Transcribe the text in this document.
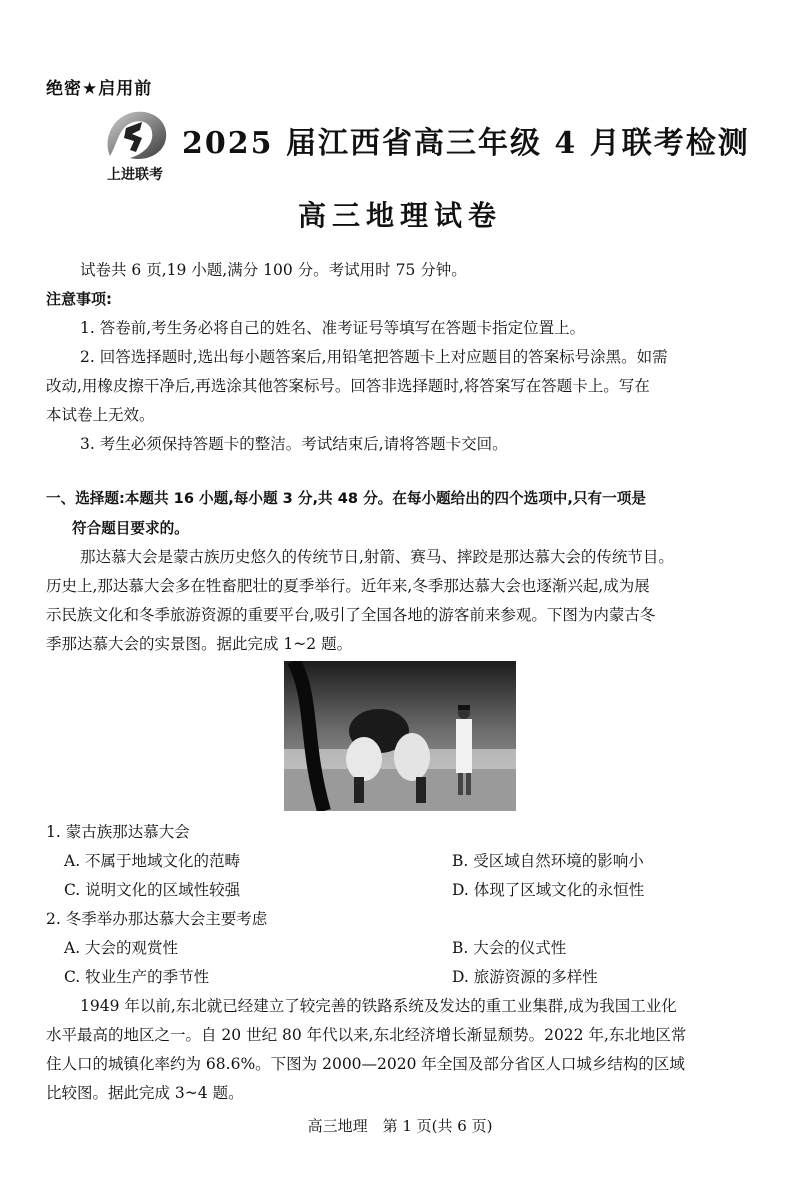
绝密★启用前
上进联考
2025 届江西省高三年级 4 月联考检测
高三地理试卷
试卷共 6 页,19 小题,满分 100 分。考试用时 75 分钟。
注意事项:
1. 答卷前,考生务必将自己的姓名、准考证号等填写在答题卡指定位置上。
2. 回答选择题时,选出每小题答案后,用铅笔把答题卡上对应题目的答案标号涂黑。如需
改动,用橡皮擦干净后,再选涂其他答案标号。回答非选择题时,将答案写在答题卡上。写在
本试卷上无效。
3. 考生必须保持答题卡的整洁。考试结束后,请将答题卡交回。
一、选择题:本题共 16 小题,每小题 3 分,共 48 分。在每小题给出的四个选项中,只有一项是
符合题目要求的。
那达慕大会是蒙古族历史悠久的传统节日,射箭、赛马、摔跤是那达慕大会的传统节目。
历史上,那达慕大会多在牲畜肥壮的夏季举行。近年来,冬季那达慕大会也逐渐兴起,成为展
示民族文化和冬季旅游资源的重要平台,吸引了全国各地的游客前来参观。下图为内蒙古冬
季那达慕大会的实景图。据此完成 1~2 题。
1. 蒙古族那达慕大会
A. 不属于地域文化的范畴	B. 受区域自然环境的影响小
C. 说明文化的区域性较强	D. 体现了区域文化的永恒性
2. 冬季举办那达慕大会主要考虑
A. 大会的观赏性	B. 大会的仪式性
C. 牧业生产的季节性	D. 旅游资源的多样性
1949 年以前,东北就已经建立了较完善的铁路系统及发达的重工业集群,成为我国工业化
水平最高的地区之一。自 20 世纪 80 年代以来,东北经济增长渐显颓势。2022 年,东北地区常
住人口的城镇化率约为 68.6%。下图为 2000—2020 年全国及部分省区人口城乡结构的区域
比较图。据此完成 3~4 题。
高三地理　第 1 页(共 6 页)
